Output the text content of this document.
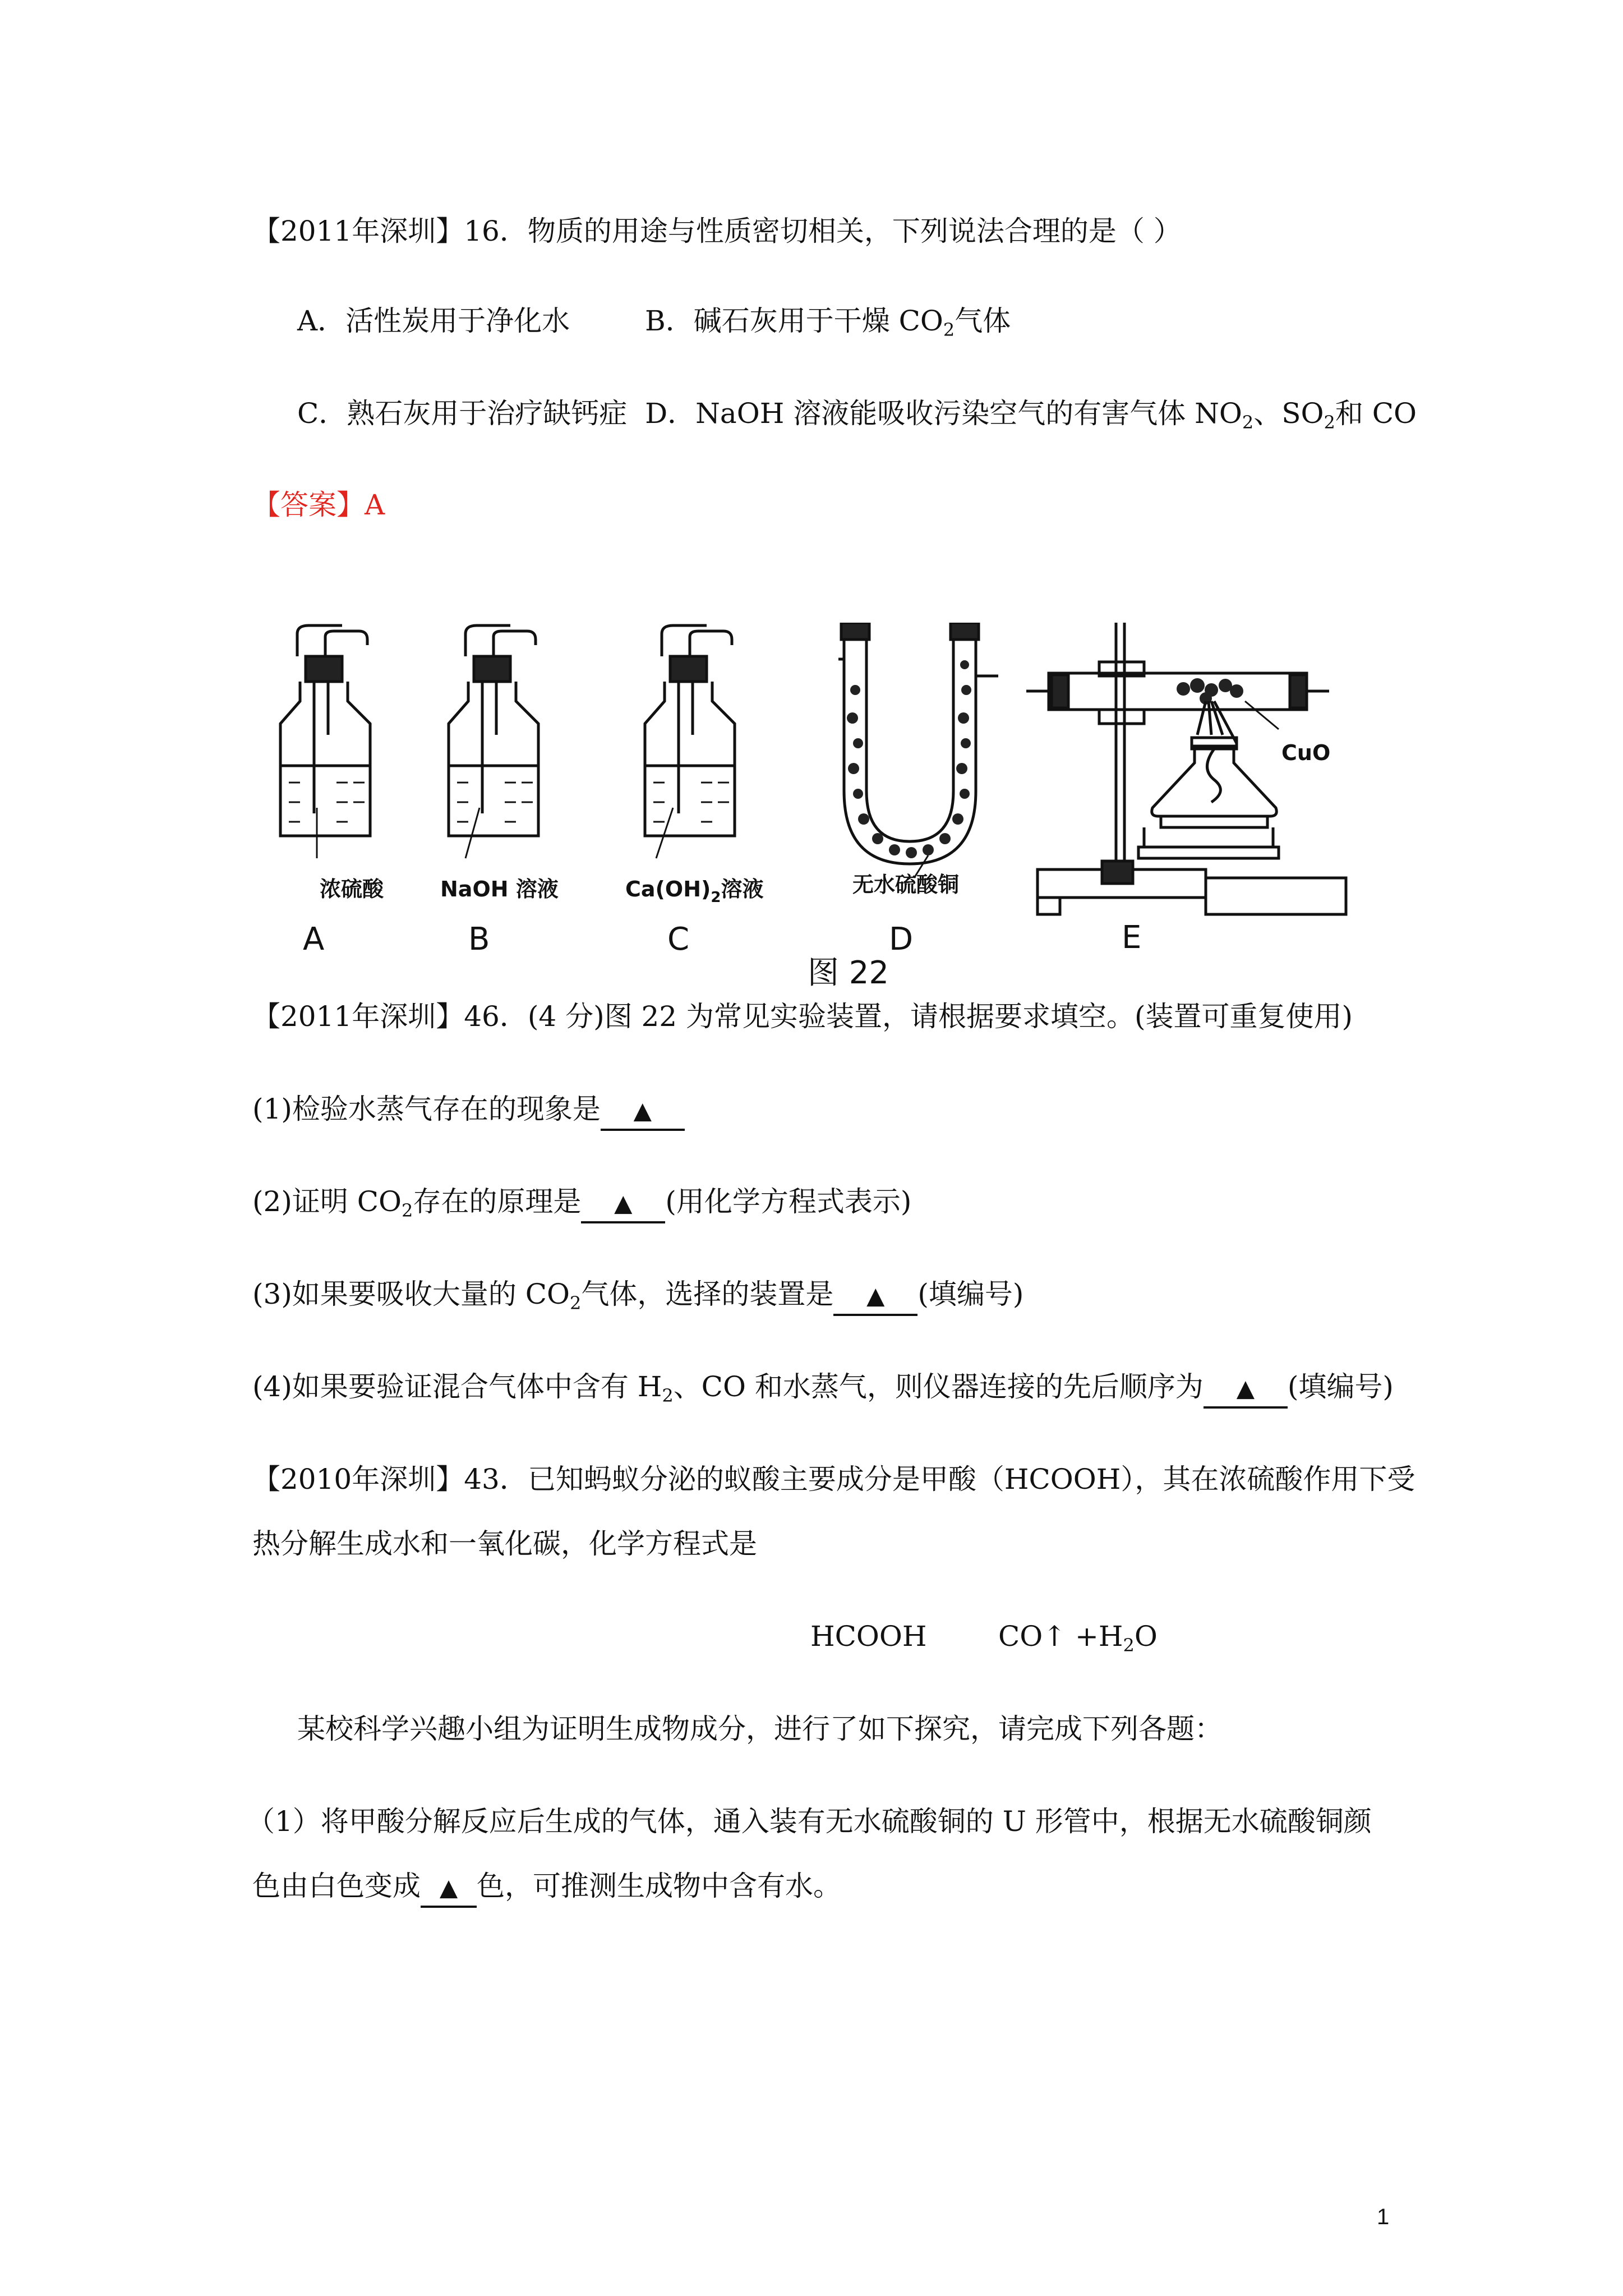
【2011年深圳】16．物质的用途与性质密切相关，下列说法合理的是（ ）
A．活性炭用于净化水	B．碱石灰用于干燥 $CO_2$气体
C．熟石灰用于治疗缺钙症 D．NaOH 溶液能吸收污染空气的有害气体 $NO_2$、$SO_2$和 CO
【答案】A
浓硫酸	NaOH 溶液	$Ca(OH)_2$溶液	无水硫酸铜
CuO
A	B	C	D	E
图 22
【2011年深圳】46．(4 分)图 22 为常见实验装置，请根据要求填空。(装置可重复使用)
(1)检验水蒸气存在的现象是 ▲
(2)证明 $CO_2$存在的原理是 ▲ (用化学方程式表示)
(3)如果要吸收大量的 $CO_2$气体，选择的装置是 ▲ (填编号)
(4)如果要验证混合气体中含有 $H_2$、CO 和水蒸气，则仪器连接的先后顺序为 ▲ (填编号)
【2010年深圳】43．已知蚂蚁分泌的蚁酸主要成分是甲酸（HCOOH），其在浓硫酸作用下受
热分解生成水和一氧化碳，化学方程式是
HCOOH	CO↑ $+H_2O$
某校科学兴趣小组为证明生成物成分，进行了如下探究，请完成下列各题：
（1）将甲酸分解反应后生成的气体，通入装有无水硫酸铜的 U 形管中，根据无水硫酸铜颜
色由白色变成 ▲ 色，可推测生成物中含有水。
1
